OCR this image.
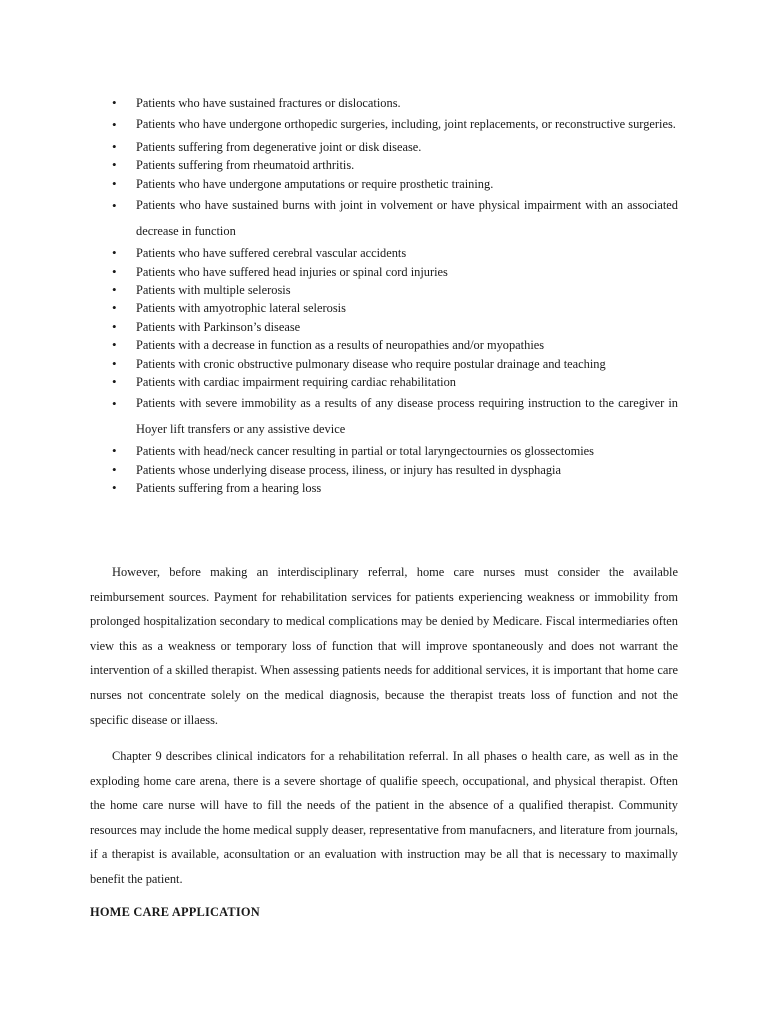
• Patients who have sustained fractures or dislocations.
• Patients who have undergone orthopedic surgeries, including, joint replacements, or reconstructive surgeries.
• Patients suffering from degenerative joint or disk disease.
• Patients suffering from rheumatoid arthritis.
• Patients who have undergone amputations or require prosthetic training.
• Patients who have sustained burns with joint in volvement or have physical impairment with an associated decrease in function
• Patients who have suffered cerebral vascular accidents
• Patients who have suffered head injuries or spinal cord injuries
• Patients with multiple selerosis
• Patients with amyotrophic lateral selerosis
• Patients with Parkinson’s disease
• Patients with a decrease in function as a results of neuropathies and/or myopathies
• Patients with cronic obstructive pulmonary disease who require postular drainage and teaching
• Patients with cardiac impairment requiring cardiac rehabilitation
• Patients with severe immobility as a results of any disease process requiring instruction to the caregiver in Hoyer lift transfers or any assistive device
• Patients with head/neck cancer resulting in partial or total laryngectournies os glossectomies
• Patients whose underlying disease process, iliness, or injury has resulted in dysphagia
• Patients suffering from a hearing loss

However, before making an interdisciplinary referral, home care nurses must consider the available reimbursement sources. Payment for rehabilitation services for patients experiencing weakness or immobility from prolonged hospitalization secondary to medical complications may be denied by Medicare. Fiscal intermediaries often view this as a weakness or temporary loss of function that will improve spontaneously and does not warrant the intervention of a skilled therapist. When assessing patients needs for additional services, it is important that home care nurses not concentrate solely on the medical diagnosis, because the therapist treats loss of function and not the specific disease or illaess.

Chapter 9 describes clinical indicators for a rehabilitation referral. In all phases o health care, as well as in the exploding home care arena, there is a severe shortage of qualifie speech, occupational, and physical therapist. Often the home care nurse will have to fill the needs of the patient in the absence of a qualified therapist. Community resources may include the home medical supply deaser, representative from manufacners, and literature from journals, if a therapist is available, aconsultation or an evaluation with instruction may be all that is necessary to maximally benefit the patient.

HOME CARE APPLICATION
